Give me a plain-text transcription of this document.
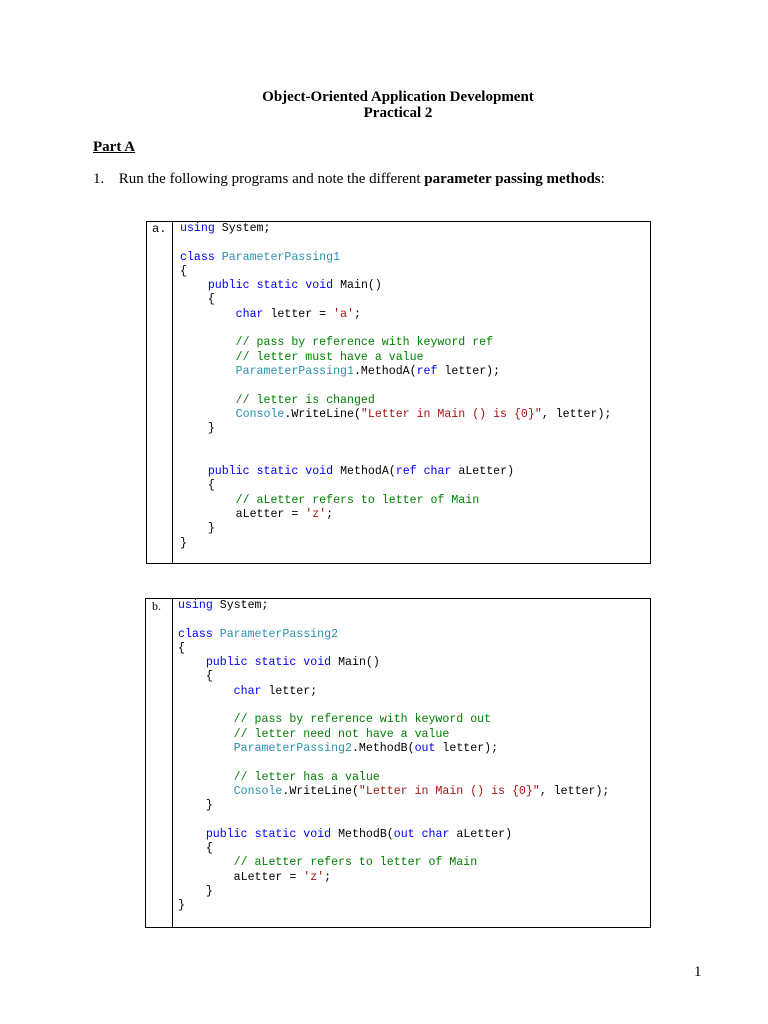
Object-Oriented Application Development
Practical 2

Part A

1. Run the following programs and note the different parameter passing methods:

a. using System;
class ParameterPassing1
{
public static void Main()
{
char letter = 'a';
// pass by reference with keyword ref
// letter must have a value
ParameterPassing1.MethodA(ref letter);
// letter is changed
Console.WriteLine("Letter in Main () is {0}", letter);
}
public static void MethodA(ref char aLetter)
{
// aLetter refers to letter of Main
aLetter = 'z';
}
}
b. using System;
class ParameterPassing2
{
public static void Main()
{
char letter;
// pass by reference with keyword out
// letter need not have a value
ParameterPassing2.MethodB(out letter);
// letter has a value
Console.WriteLine("Letter in Main () is {0}", letter);
}
public static void MethodB(out char aLetter)
{
// aLetter refers to letter of Main
aLetter = 'z';
}
}

1
